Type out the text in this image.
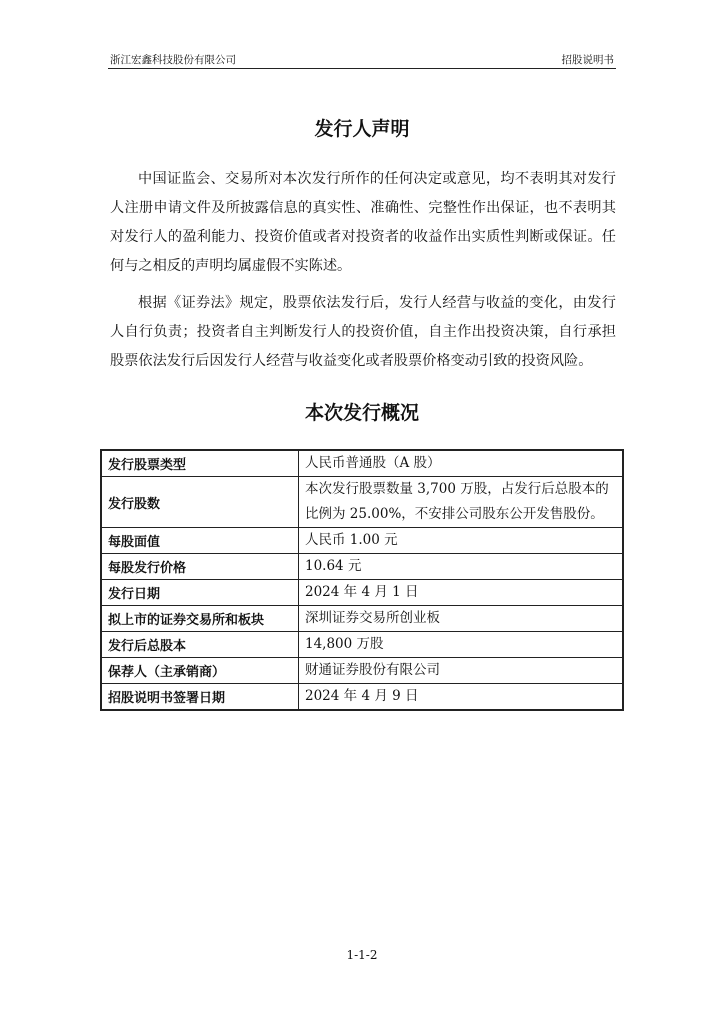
浙江宏鑫科技股份有限公司	招股说明书
发行人声明

中国证监会、交易所对本次发行所作的任何决定或意见，均不表明其对发行人注册申请文件及所披露信息的真实性、准确性、完整性作出保证，也不表明其对发行人的盈利能力、投资价值或者对投资者的收益作出实质性判断或保证。任何与之相反的声明均属虚假不实陈述。

根据《证券法》规定，股票依法发行后，发行人经营与收益的变化，由发行人自行负责；投资者自主判断发行人的投资价值，自主作出投资决策，自行承担股票依法发行后因发行人经营与收益变化或者股票价格变动引致的投资风险。

本次发行概况
发行股票类型	人民币普通股（A 股）
发行股数	本次发行股票数量 3,700 万股，占发行后总股本的比例为 25.00%，不安排公司股东公开发售股份。
每股面值	人民币 1.00 元
每股发行价格	10.64 元
发行日期	2024 年 4 月 1 日
拟上市的证券交易所和板块	深圳证券交易所创业板
发行后总股本	14,800 万股
保荐人（主承销商）	财通证券股份有限公司
招股说明书签署日期	2024 年 4 月 9 日
1-1-2
